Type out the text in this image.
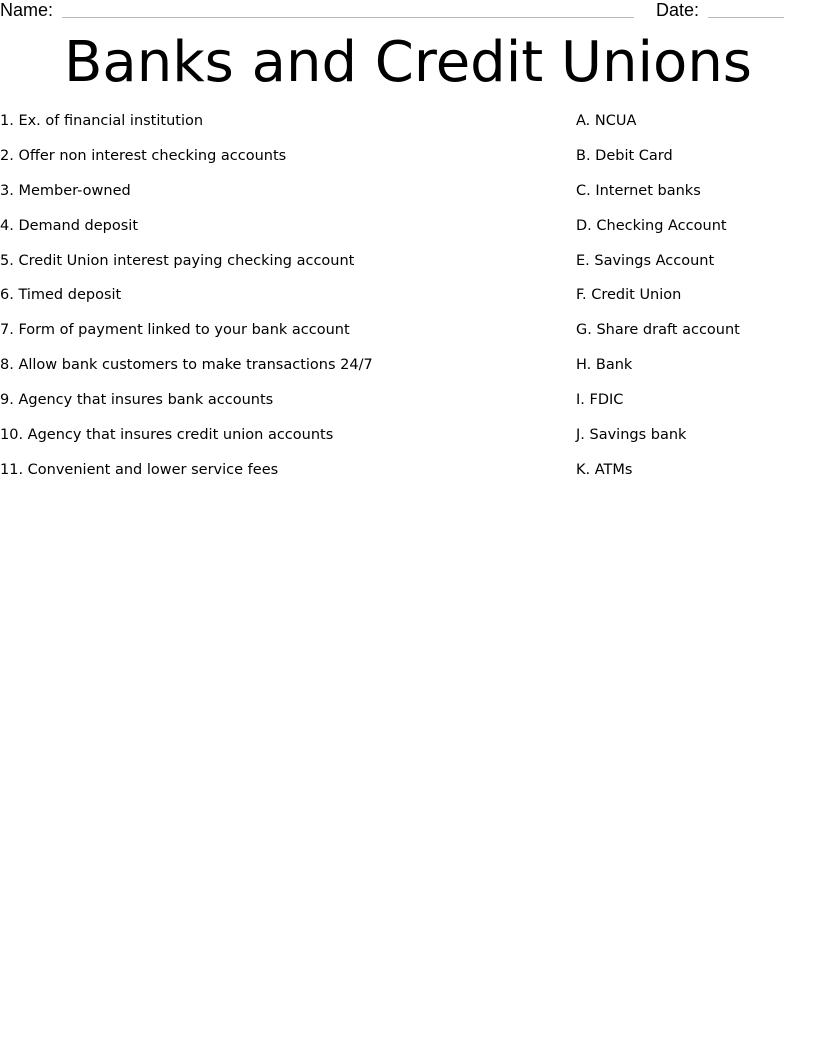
Name:	Date:
Banks and Credit Unions
1. Ex. of financial institution
2. Offer non interest checking accounts
3. Member-owned
4. Demand deposit
5. Credit Union interest paying checking account
6. Timed deposit
7. Form of payment linked to your bank account
8. Allow bank customers to make transactions 24/7
9. Agency that insures bank accounts
10. Agency that insures credit union accounts
11. Convenient and lower service fees
A. NCUA
B. Debit Card
C. Internet banks
D. Checking Account
E. Savings Account
F. Credit Union
G. Share draft account
H. Bank
I. FDIC
J. Savings bank
K. ATMs
